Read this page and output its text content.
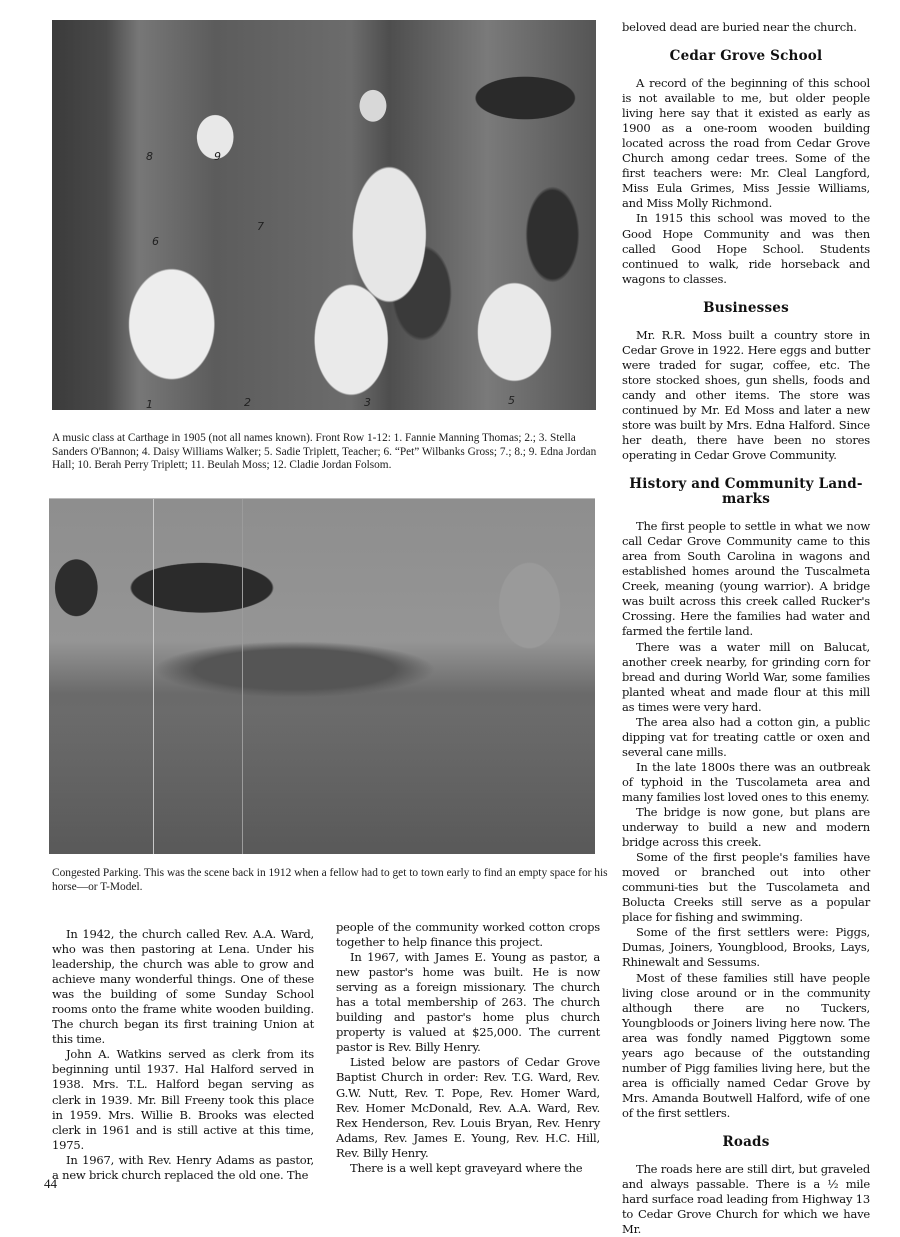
8	9
6
7
1	2	3	5
A music class at Carthage in 1905 (not all names known). Front Row 1-12: 1. Fannie Manning Thomas; 2.; 3. Stella Sanders O'Bannon; 4. Daisy Williams Walker; 5. Sadie Triplett, Teacher; 6. “Pet” Wilbanks Gross; 7.; 8.; 9. Edna Jordan Hall; 10. Berah Perry Triplett; 11. Beulah Moss; 12. Cladie Jordan Folsom.
Congested Parking. This was the scene back in 1912 when a fellow had to get to town early to find an empty space for his horse—or T-Model.

In 1942, the church called Rev. A.A. Ward, who was then pastoring at Lena. Under his leadership, the church was able to grow and achieve many wonderful things. One of these was the building of some Sunday School rooms onto the frame white wooden building. The church began its first training Union at this time.

John A. Watkins served as clerk from its beginning until 1937. Hal Halford served in 1938. Mrs. T.L. Halford began serving as clerk in 1939. Mr. Bill Freeny took this place in 1959. Mrs. Willie B. Brooks was elected clerk in 1961 and is still active at this time, 1975.

In 1967, with Rev. Henry Adams as pastor, a new brick church replaced the old one. The

people of the community worked cotton crops together to help finance this project.

In 1967, with James E. Young as pastor, a new pastor's home was built. He is now serving as a foreign missionary. The church has a total membership of 263. The church building and pastor's home plus church property is valued at $25,000. The current pastor is Rev. Billy Henry.

Listed below are pastors of Cedar Grove Baptist Church in order: Rev. T.G. Ward, Rev. G.W. Nutt, Rev. T. Pope, Rev. Homer Ward, Rev. Homer McDonald, Rev. A.A. Ward, Rev. Rex Henderson, Rev. Louis Bryan, Rev. Henry Adams, Rev. James E. Young, Rev. H.C. Hill, Rev. Billy Henry.

There is a well kept graveyard where the

beloved dead are buried near the church.

Cedar Grove School

A record of the beginning of this school is not available to me, but older people living here say that it existed as early as 1900 as a one-room wooden building located across the road from Cedar Grove Church among cedar trees. Some of the first teachers were: Mr. Cleal Langford, Miss Eula Grimes, Miss Jessie Williams, and Miss Molly Richmond.

In 1915 this school was moved to the Good Hope Community and was then called Good Hope School. Students continued to walk, ride horseback and wagons to classes.

Businesses

Mr. R.R. Moss built a country store in Cedar Grove in 1922. Here eggs and butter were traded for sugar, coffee, etc. The store stocked shoes, gun shells, foods and candy and other items. The store was continued by Mr. Ed Moss and later a new store was built by Mrs. Edna Halford. Since her death, there have been no stores operating in Cedar Grove Community.

History and Community Land-marks

The first people to settle in what we now call Cedar Grove Community came to this area from South Carolina in wagons and established homes around the Tuscalmeta Creek, meaning (young warrior). A bridge was built across this creek called Rucker's Crossing. Here the families had water and farmed the fertile land.

There was a water mill on Balucat, another creek nearby, for grinding corn for bread and during World War, some families planted wheat and made flour at this mill as times were very hard.

The area also had a cotton gin, a public dipping vat for treating cattle or oxen and several cane mills.

In the late 1800s there was an outbreak of typhoid in the Tuscolameta area and many families lost loved ones to this enemy.

The bridge is now gone, but plans are underway to build a new and modern bridge across this creek.

Some of the first people's families have moved or branched out into other communi-ties but the Tuscolameta and Bolucta Creeks still serve as a popular place for fishing and swimming.

Some of the first settlers were: Piggs, Dumas, Joiners, Youngblood, Brooks, Lays, Rhinewalt and Sessums.

Most of these families still have people living close around or in the community although there are no Tuckers, Youngbloods or Joiners living here now. The area was fondly named Piggtown some years ago because of the outstanding number of Pigg families living here, but the area is officially named Cedar Grove by Mrs. Amanda Boutwell Halford, wife of one of the first settlers.

Roads

The roads here are still dirt, but graveled and always passable. There is a ½ mile hard surface road leading from Highway 13 to Cedar Grove Church for which we have Mr.

44
